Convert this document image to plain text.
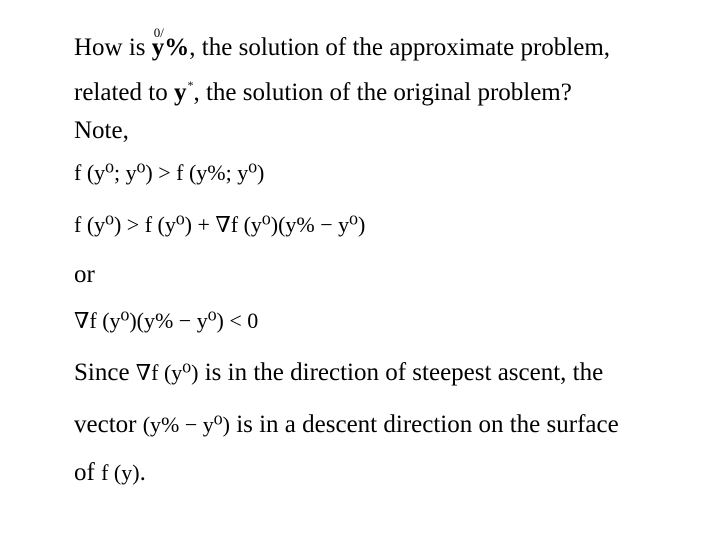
How is 0/ y%, the solution of the approximate problem,
related to y*, the solution of the original problem?
Note,
f (y⁰; y⁰) > f (y%; y⁰)
f (y⁰) > f (y⁰) + ∇f (y⁰)(y% − y⁰)
or
∇f (y⁰)(y% − y⁰) < 0
Since ∇f (y⁰) is in the direction of steepest ascent, the
vector (y% − y⁰) is in a descent direction on the surface
of f (y).
